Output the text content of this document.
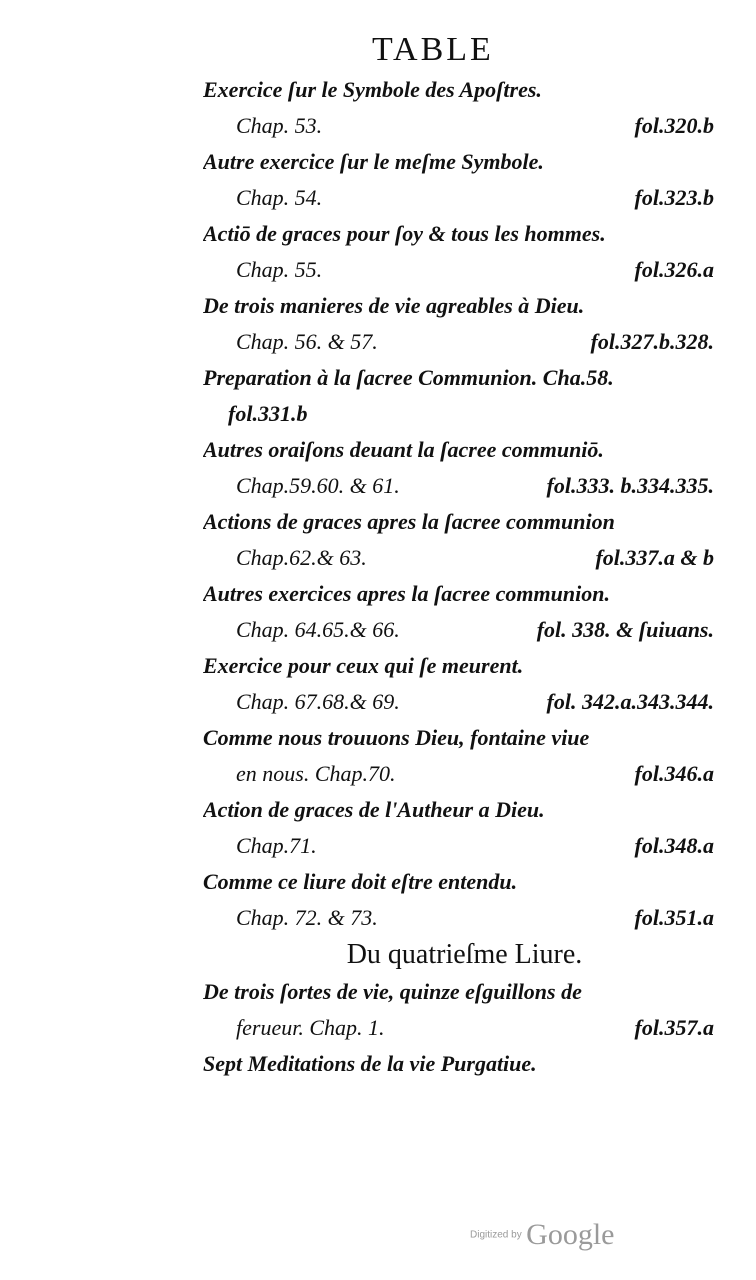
TABLE
Exercice ſur le Symbole des Apoſtres.
Chap. 53.	fol.320.b
Autre exercice ſur le meſme Symbole.
Chap. 54.	fol.323.b
Actiō de graces pour ſoy & tous les hommes.
Chap. 55.	fol.326.a
De trois manieres de vie agreables à Dieu.
Chap. 56. & 57.	fol.327.b.328.
Preparation à la ſacree Communion. Cha.58.
fol.331.b
Autres oraiſons deuant la ſacree communiō.
Chap.59.60. & 61.	fol.333. b.334.335.
Actions de graces apres la ſacree communion
Chap.62.& 63.	fol.337.a & b
Autres exercices apres la ſacree communion.
Chap. 64.65.& 66.	fol. 338. & ſuiuans.
Exercice pour ceux qui ſe meurent.
Chap. 67.68.& 69.	fol. 342.a.343.344.
Comme nous trouuons Dieu, fontaine viue
en nous. Chap.70.	fol.346.a
Action de graces de l'Autheur a Dieu.
Chap.71.	fol.348.a
Comme ce liure doit eſtre entendu.
Chap. 72. & 73.	fol.351.a
Du quatrieſme Liure.
De trois ſortes de vie, quinze eſguillons de
ferueur. Chap. 1.	fol.357.a
Sept Meditations de la vie Purgatiue.
Digitized by Google
